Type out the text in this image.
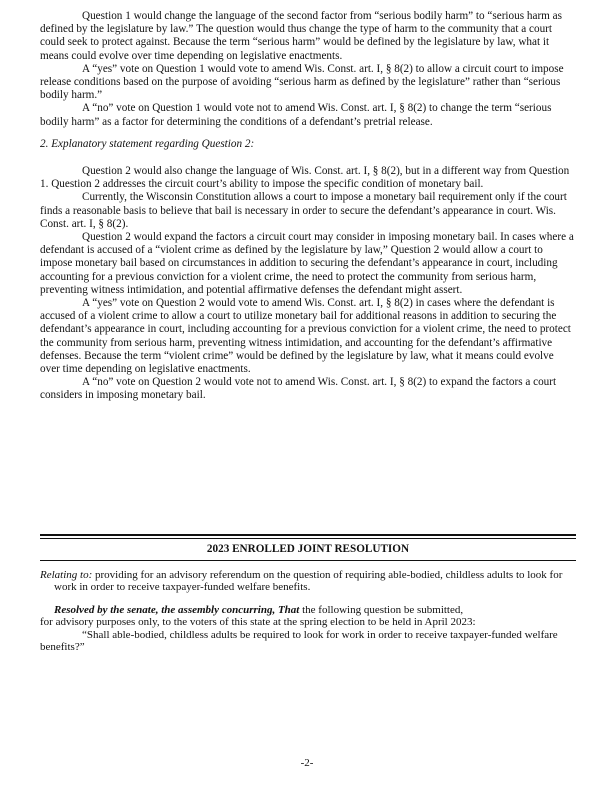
Question 1 would change the language of the second factor from “serious bodily harm” to “serious harm as defined by the legislature by law.” The question would thus change the type of harm to the community that a court could seek to protect against. Because the term “serious harm” would be defined by the legislature by law, what it means could evolve over time depending on legislative enactments.

A “yes” vote on Question 1 would vote to amend Wis. Const. art. I, § 8(2) to allow a circuit court to impose release conditions based on the purpose of avoiding “serious harm as defined by the legislature” rather than “serious bodily harm.”

A “no” vote on Question 1 would vote not to amend Wis. Const. art. I, § 8(2) to change the term “serious bodily harm” as a factor for determining the conditions of a defendant’s pretrial release.

2. Explanatory statement regarding Question 2:

Question 2 would also change the language of Wis. Const. art. I, § 8(2), but in a different way from Question 1. Question 2 addresses the circuit court’s ability to impose the specific condition of monetary bail.

Currently, the Wisconsin Constitution allows a court to impose a monetary bail requirement only if the court finds a reasonable basis to believe that bail is necessary in order to secure the defendant’s appearance in court. Wis. Const. art. I, § 8(2).

Question 2 would expand the factors a circuit court may consider in imposing monetary bail. In cases where a defendant is accused of a “violent crime as defined by the legislature by law,” Question 2 would allow a court to impose monetary bail based on circumstances in addition to securing the defendant’s appearance in court, including accounting for a previous conviction for a violent crime, the need to protect the community from serious harm, preventing witness intimidation, and potential affirmative defenses the defendant might assert.

A “yes” vote on Question 2 would vote to amend Wis. Const. art. I, § 8(2) in cases where the defendant is accused of a violent crime to allow a court to utilize monetary bail for additional reasons in addition to securing the defendant’s appearance in court, including accounting for a previous conviction for a violent crime, the need to protect the community from serious harm, preventing witness intimidation, and accounting for the defendant’s affirmative defenses. Because the term “violent crime” would be defined by the legislature by law, what it means could evolve over time depending on legislative enactments.

A “no” vote on Question 2 would vote not to amend Wis. Const. art. I, § 8(2) to expand the factors a court considers in imposing monetary bail.

2023 ENROLLED JOINT RESOLUTION

Relating to: providing for an advisory referendum on the question of requiring able-bodied, childless adults to look for work in order to receive taxpayer-funded welfare benefits.

Resolved by the senate, the assembly concurring, That the following question be submitted,

for advisory purposes only, to the voters of this state at the spring election to be held in April 2023:

“Shall able-bodied, childless adults be required to look for work in order to receive taxpayer-funded welfare benefits?”

-2-
